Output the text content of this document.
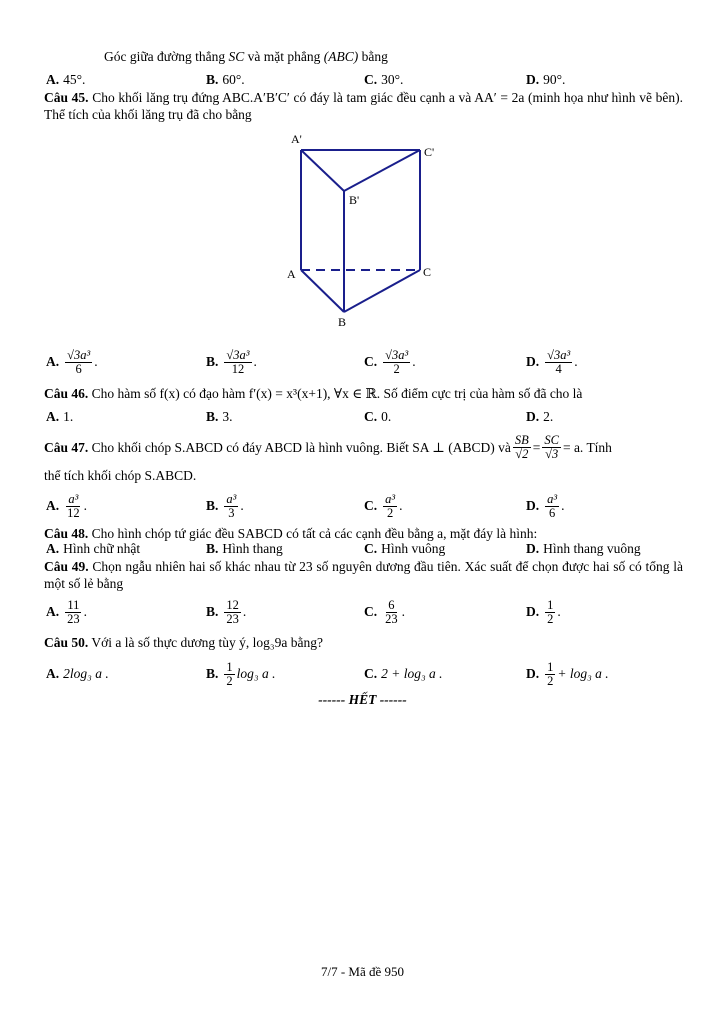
Góc giữa đường thẳng SC và mặt phẳng (ABC) bằng
A. 45°.	B. 60°.	C. 30°.	D. 90°.
Câu 45. Cho khối lăng trụ đứng ABC.A′B′C′ có đáy là tam giác đều cạnh a và AA′ = 2a (minh họa như hình vẽ bên). Thể tích của khối lăng trụ đã cho bằng
A'
C'
B'
A	C
B
A. $\frac{\text{√3a³}}{6}$ .	B. $\frac{\text{√3a³}}{12}$ .	C. $\frac{\text{√3a³}}{2}$ .	D. $\frac{\text{√3a³}}{4}$ .
Câu 46. Cho hàm số f(x) có đạo hàm f′(x) = x³(x+1), ∀x ∈ ℝ. Số điểm cực trị của hàm số đã cho là
A. 1.	B. 3.	C. 0.	D. 2.
Câu 47.
Cho khối chóp S.ABCD có đáy ABCD là hình vuông. Biết SA ⊥ (ABCD) và $\frac{SB}{√2} = \frac{SC}{√3} = a$. Tính
thể tích khối chóp S.ABCD.
A. $\frac{\text{a³}}{12}$ .	B. $\frac{\text{a³}}{3}$ .	C. $\frac{\text{a³}}{2}$ .	D. $\frac{\text{a³}}{6}$ .
Câu 48. Cho hình chóp tứ giác đều SABCD có tất cả các cạnh đều bằng a, mặt đáy là hình:
A. Hình chữ nhật	B. Hình thang	C. Hình vuông	D. Hình thang vuông
Câu 49. Chọn ngẫu nhiên hai số khác nhau từ 23 số nguyên dương đầu tiên. Xác suất để chọn được hai số có tổng là một số lẻ bằng
A. $\frac{11}{23}$ .	B. $\frac{12}{23}$ .	C. $\frac{6}{23}$ .	D. $\frac{1}{2}$ .
Câu 50. Với a là số thực dương tùy ý, log₃9a bằng?
A. 2log₃ a .	B. $\frac{1}{2} \log_3$ a .	C. 2 + log₃ a .	D. $\frac{1}{2} + \log_3$ a .
------ HẾT ------
7/7 - Mã đề 950
